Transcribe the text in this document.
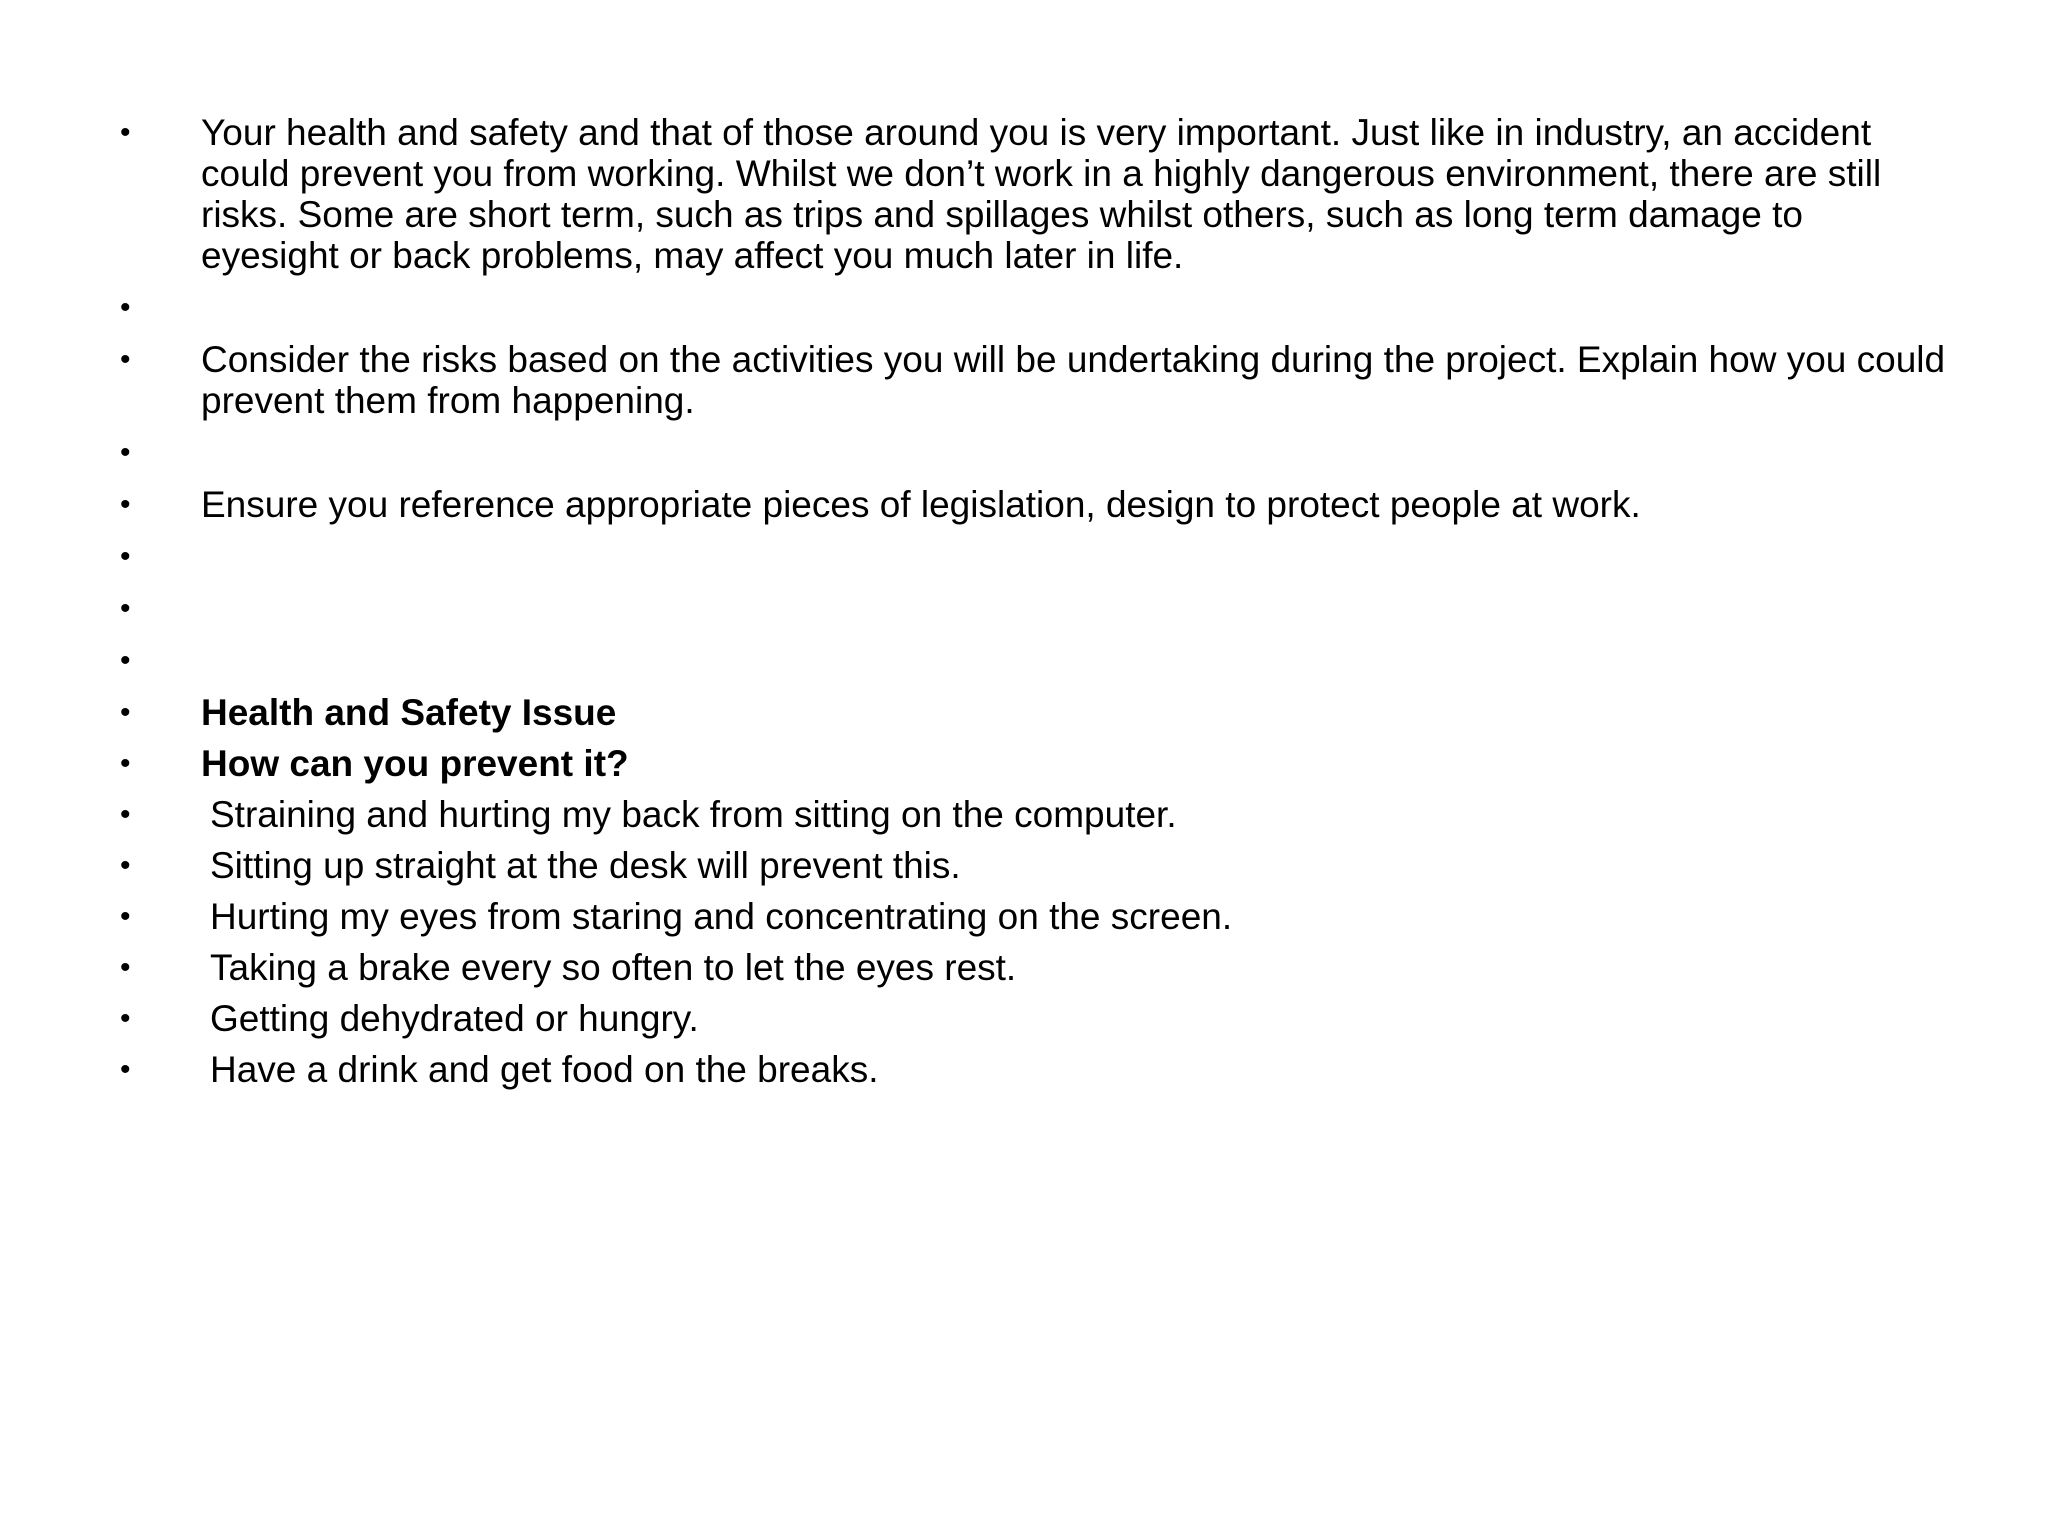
•	Your health and safety and that of those around you is very important. Just like in industry, an accident could prevent you from working. Whilst we don’t work in a highly dangerous environment, there are still risks. Some are short term, such as trips and spillages whilst others, such as long term damage to eyesight or back problems, may affect you much later in life.
•
•	Consider the risks based on the activities you will be undertaking during the project. Explain how you could prevent them from happening.
•
•	Ensure you reference appropriate pieces of legislation, design to protect people at work.
•
•
•
•	Health and Safety Issue
•	How can you prevent it?
•	Straining and hurting my back from sitting on the computer.
•	Sitting up straight at the desk will prevent this.
•	Hurting my eyes from staring and concentrating on the screen.
•	Taking a brake every so often to let the eyes rest.
•	Getting dehydrated or hungry.
•	Have a drink and get food on the breaks.
